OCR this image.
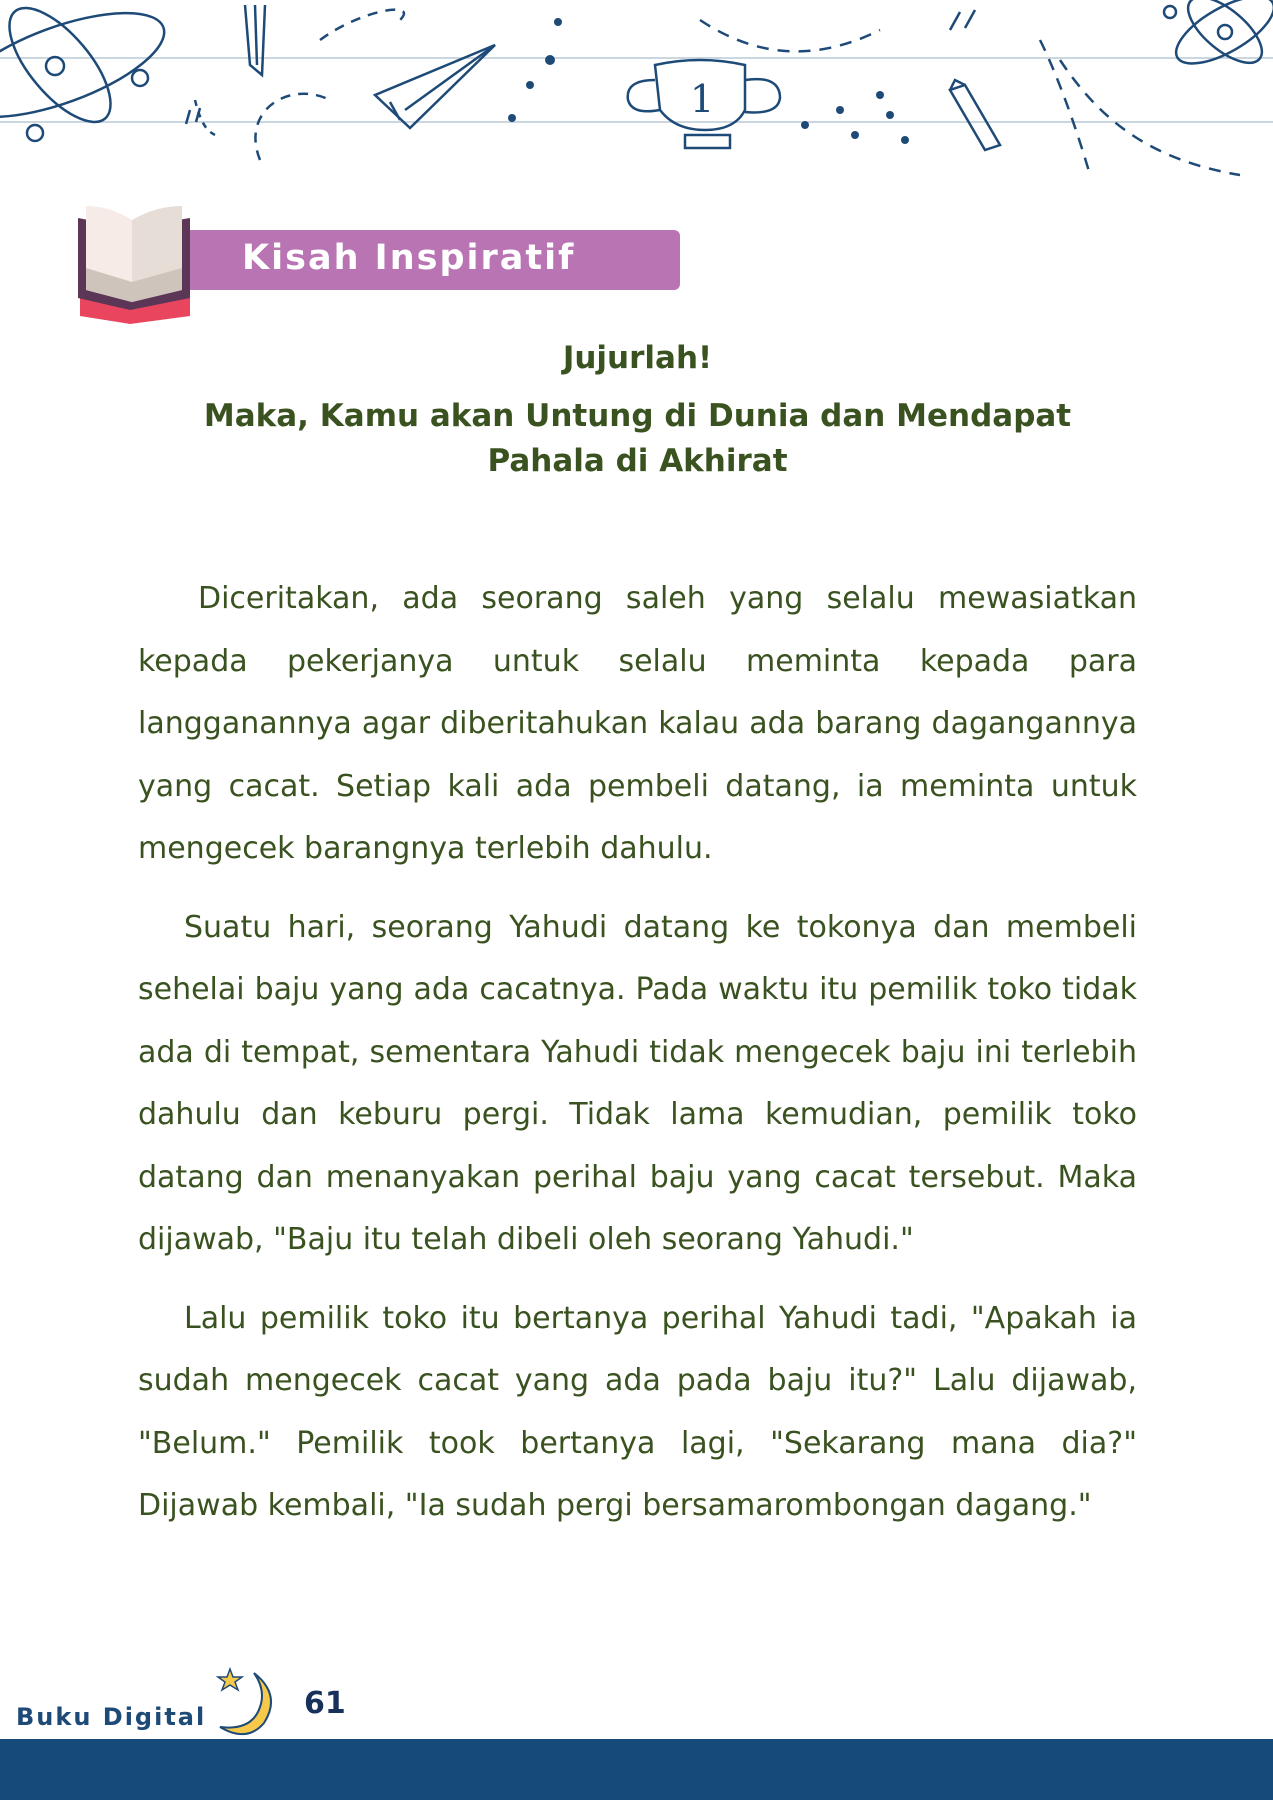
1
Kisah Inspiratif

Jujurlah!

Maka, Kamu akan Untung di Dunia dan Mendapat Pahala di Akhirat

Diceritakan, ada seorang saleh yang selalu mewasiatkan kepada pekerjanya untuk selalu meminta kepada para langganannya agar diberitahukan kalau ada barang dagangannya yang cacat. Setiap kali ada pembeli datang, ia meminta untuk mengecek barangnya terlebih dahulu.

Suatu hari, seorang Yahudi datang ke tokonya dan membeli sehelai baju yang ada cacatnya. Pada waktu itu pemilik toko tidak ada di tempat, sementara Yahudi tidak mengecek baju ini terlebih dahulu dan keburu pergi. Tidak lama kemudian, pemilik toko datang dan menanyakan perihal baju yang cacat tersebut. Maka dijawab, "Baju itu telah dibeli oleh seorang Yahudi."

Lalu pemilik toko itu bertanya perihal Yahudi tadi, "Apakah ia sudah mengecek cacat yang ada pada baju itu?" Lalu dijawab, "Belum." Pemilik took bertanya lagi, "Sekarang mana dia?" Dijawab kembali, "Ia sudah pergi bersamarombongan dagang."

Buku Digital	61
